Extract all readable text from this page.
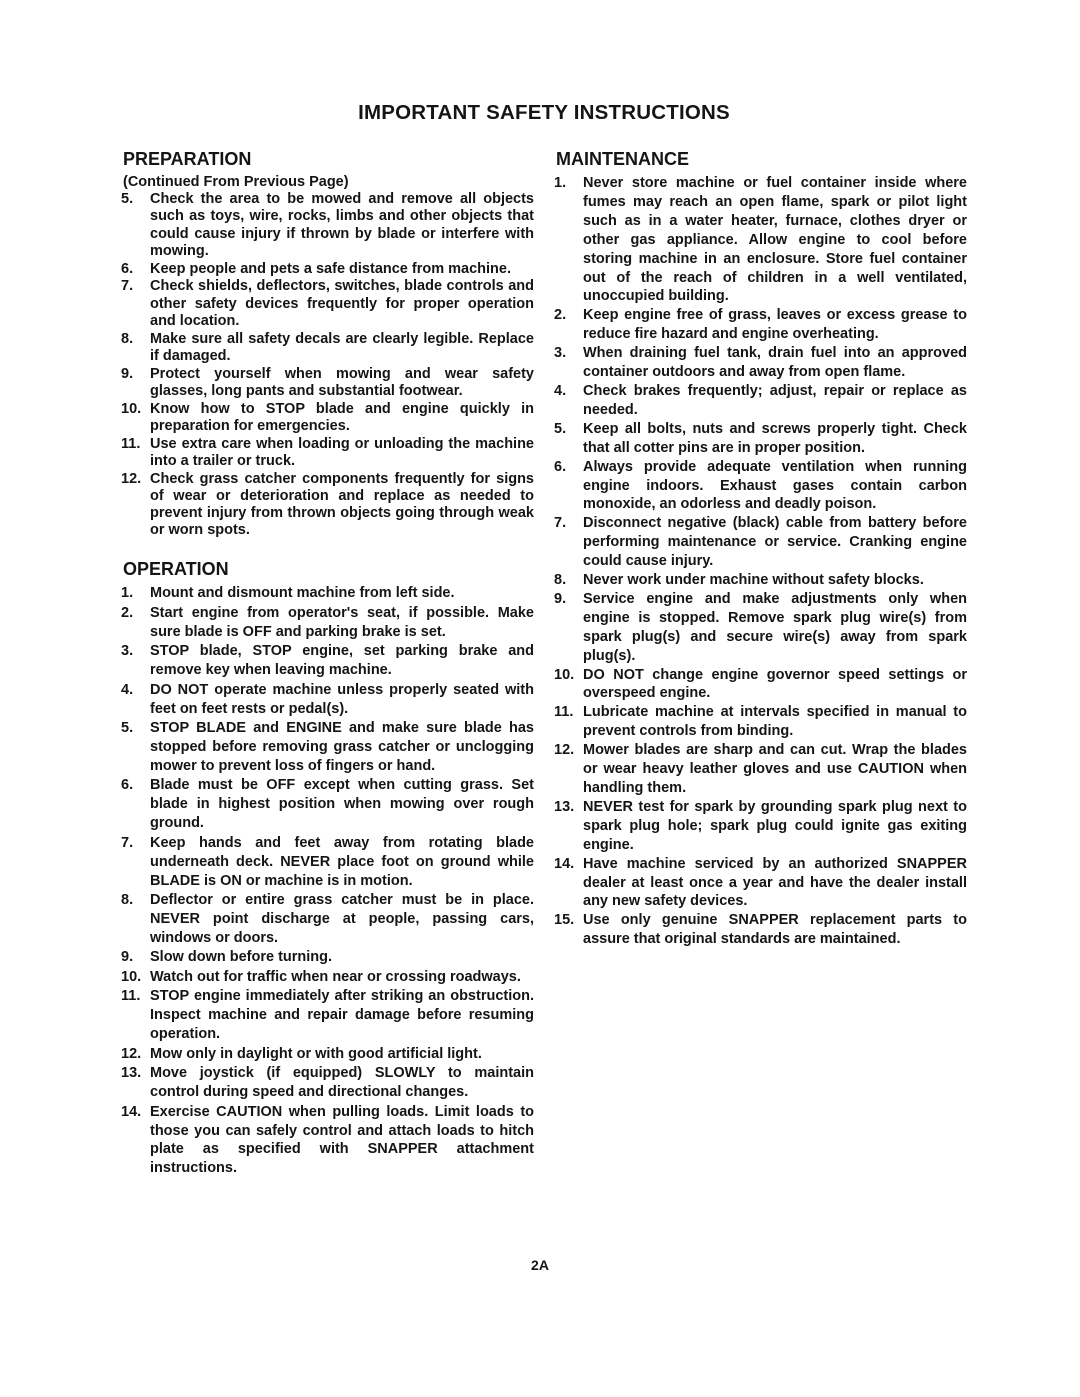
IMPORTANT SAFETY INSTRUCTIONS
PREPARATION
(Continued From Previous Page)
5.	Check the area to be mowed and remove all objects such as toys, wire, rocks, limbs and other objects that could cause injury if thrown by blade or interfere with mowing.
6.	Keep people and pets a safe distance from machine.
7.	Check shields, deflectors, switches, blade controls and other safety devices frequently for proper operation and location.
8.	Make sure all safety decals are clearly legible. Replace if damaged.
9.	Protect yourself when mowing and wear safety glasses, long pants and substantial footwear.
10. Know how to STOP blade and engine quickly in preparation for emergencies.
11. Use extra care when loading or unloading the machine into a trailer or truck.
12. Check grass catcher components frequently for signs of wear or deterioration and replace as needed to prevent injury from thrown objects going through weak or worn spots.
OPERATION
1.	Mount and dismount machine from left side.
2.	Start engine from operator's seat, if possible. Make sure blade is OFF and parking brake is set.
3.	STOP blade, STOP engine, set parking brake and remove key when leaving machine.
4.	DO NOT operate machine unless properly seated with feet on feet rests or pedal(s).
5.	STOP BLADE and ENGINE and make sure blade has stopped before removing grass catcher or unclogging mower to prevent loss of fingers or hand.
6.	Blade must be OFF except when cutting grass. Set blade in highest position when mowing over rough ground.
7.	Keep hands and feet away from rotating blade underneath deck. NEVER place foot on ground while BLADE is ON or machine is in motion.
8.	Deflector or entire grass catcher must be in place. NEVER point discharge at people, passing cars, windows or doors.
9.	Slow down before turning.
10. Watch out for traffic when near or crossing roadways.
11. STOP engine immediately after striking an obstruction. Inspect machine and repair damage before resuming operation.
12. Mow only in daylight or with good artificial light.
13. Move joystick (if equipped) SLOWLY to maintain control during speed and directional changes.
14. Exercise CAUTION when pulling loads. Limit loads to those you can safely control and attach loads to hitch plate as specified with SNAPPER attachment instructions.
MAINTENANCE
1.	Never store machine or fuel container inside where fumes may reach an open flame, spark or pilot light such as in a water heater, furnace, clothes dryer or other gas appliance. Allow engine to cool before storing machine in an enclosure. Store fuel container out of the reach of children in a well ventilated, unoccupied building.
2.	Keep engine free of grass, leaves or excess grease to reduce fire hazard and engine overheating.
3.	When draining fuel tank, drain fuel into an approved container outdoors and away from open flame.
4.	Check brakes frequently; adjust, repair or replace as needed.
5.	Keep all bolts, nuts and screws properly tight. Check that all cotter pins are in proper position.
6.	Always provide adequate ventilation when running engine indoors. Exhaust gases contain carbon monoxide, an odorless and deadly poison.
7.	Disconnect negative (black) cable from battery before performing maintenance or service. Cranking engine could cause injury.
8.	Never work under machine without safety blocks.
9.	Service engine and make adjustments only when engine is stopped. Remove spark plug wire(s) from spark plug(s) and secure wire(s) away from spark plug(s).
10. DO NOT change engine governor speed settings or overspeed engine.
11. Lubricate machine at intervals specified in manual to prevent controls from binding.
12. Mower blades are sharp and can cut. Wrap the blades or wear heavy leather gloves and use CAUTION when handling them.
13. NEVER test for spark by grounding spark plug next to spark plug hole; spark plug could ignite gas exiting engine.
14. Have machine serviced by an authorized SNAPPER dealer at least once a year and have the dealer install any new safety devices.
15. Use only genuine SNAPPER replacement parts to assure that original standards are maintained.
2A
